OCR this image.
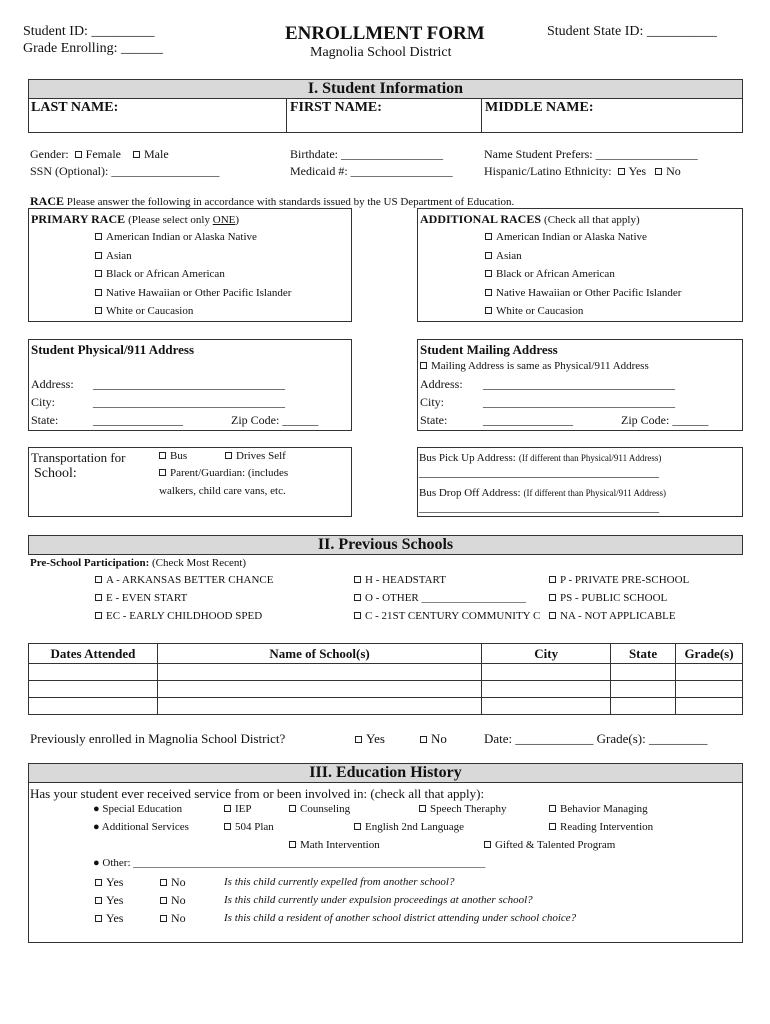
Student ID: _________
Grade Enrolling: ______
ENROLLMENT FORM
Magnolia School District
Student State ID: __________
I. Student Information
LAST NAME:	FIRST NAME:	MIDDLE NAME:
Gender: Female Male
SSN (Optional): __________________
Birthdate: _________________
Medicaid #: _________________
Name Student Prefers: _________________
Hispanic/Latino Ethnicity: Yes No
RACE Please answer the following in accordance with standards issued by the US Department of Education.
PRIMARY RACE (Please select only ONE)
American Indian or Alaska Native
Asian
Black or African American
Native Hawaiian or Other Pacific Islander
White or Caucasion
ADDITIONAL RACES (Check all that apply)
American Indian or Alaska Native
Asian
Black or African American
Native Hawaiian or Other Pacific Islander
White or Caucasion
Student Physical/911 Address
Address: ________________________________
City:	________________________________
State:	_______________	Zip Code: ______
Student Mailing Address
Mailing Address is same as Physical/911 Address
Address: ________________________________
City:	________________________________
State:	_______________	Zip Code: ______
Transportation for
School:
Bus	Drives Self
Parent/Guardian: (includes
walkers, child care vans, etc.
Bus Pick Up Address: (If different than Physical/911 Address)
________________________________________
Bus Drop Off Address: (If different than Physical/911 Address)
________________________________________
II. Previous Schools
Pre-School Participation: (Check Most Recent)
A - ARKANSAS BETTER CHANCE
E - EVEN START
EC - EARLY CHILDHOOD SPED
H - HEADSTART
O - OTHER ___________________
C - 21ST CENTURY COMMUNITY C
P - PRIVATE PRE-SCHOOL
PS - PUBLIC SCHOOL
NA - NOT APPLICABLE
Dates Attended	Name of School(s)	City	State	Grade(s)

Previously enrolled in Magnolia School District?	Yes	No	Date: ____________ Grade(s): _________
III. Education History
Has your student ever received service from or been involved in: (check all that apply):
● Special Education
● Additional Services
IEP	Counseling	Speech Theraphy	Behavior Managing
504 Plan	English 2nd Language	Reading Intervention
Math Intervention	Gifted & Talented Program
● Other: ________________________________________________________________
Yes	No	Is this child currently expelled from another school?
Yes	No	Is this child currently under expulsion proceedings at another school?
Yes	No	Is this child a resident of another school district attending under school choice?
